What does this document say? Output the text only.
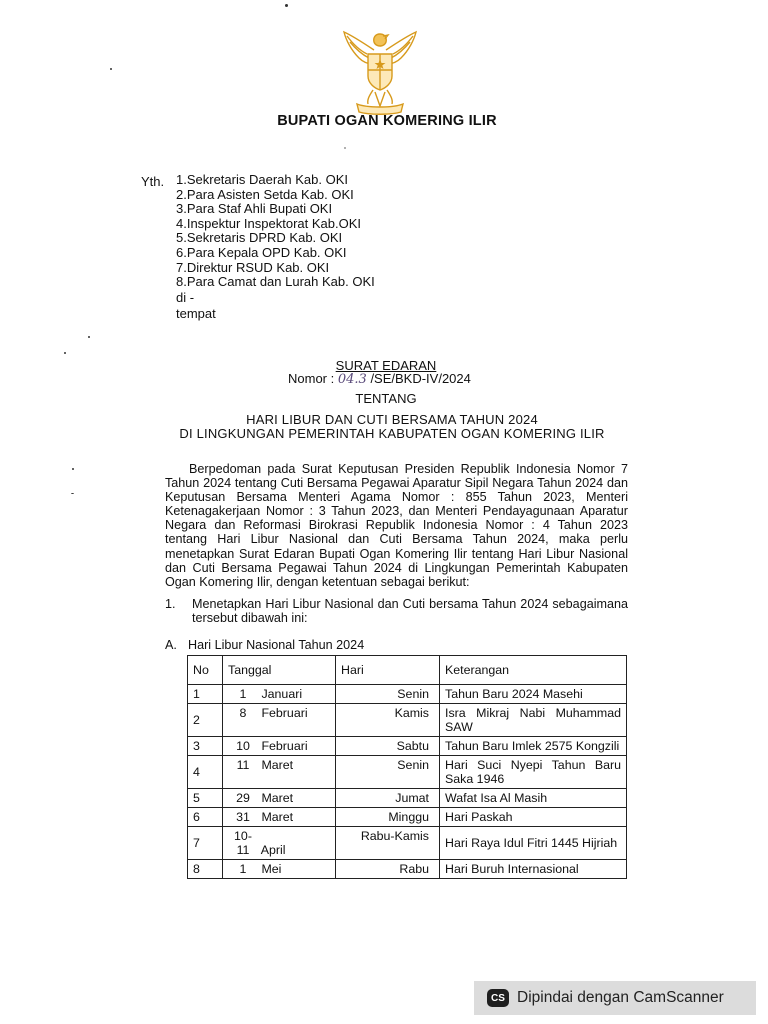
BUPATI OGAN KOMERING ILIR
Yth. 1.Sekretaris Daerah Kab. OKI
2.Para Asisten Setda Kab. OKI
3.Para Staf Ahli Bupati OKI
4.Inspektur Inspektorat Kab.OKI
5.Sekretaris DPRD Kab. OKI
6.Para Kepala OPD Kab. OKI
7.Direktur RSUD Kab. OKI
8.Para Camat dan Lurah Kab. OKI
di -
tempat
SURAT EDARAN
Nomor : 04.3 /SE/BKD-IV/2024
TENTANG
HARI LIBUR DAN CUTI BERSAMA TAHUN 2024
DI LINGKUNGAN PEMERINTAH KABUPATEN OGAN KOMERING ILIR
Berpedoman pada Surat Keputusan Presiden Republik Indonesia Nomor 7 Tahun 2024 tentang Cuti Bersama Pegawai Aparatur Sipil Negara Tahun 2024 dan Keputusan Bersama Menteri Agama Nomor : 855 Tahun 2023, Menteri Ketenagakerjaan Nomor : 3 Tahun 2023, dan Menteri Pendayagunaan Aparatur Negara dan Reformasi Birokrasi Republik Indonesia Nomor : 4 Tahun 2023 tentang Hari Libur Nasional dan Cuti Bersama Tahun 2024, maka perlu menetapkan Surat Edaran Bupati Ogan Komering Ilir tentang Hari Libur Nasional dan Cuti Bersama Pegawai Tahun 2024 di Lingkungan Pemerintah Kabupaten Ogan Komering Ilir, dengan ketentuan sebagai berikut:
1. Menetapkan Hari Libur Nasional dan Cuti bersama Tahun 2024 sebagaimana tersebut dibawah ini:
A. Hari Libur Nasional Tahun 2024
No	Tanggal	Hari	Keterangan
1	1 Januari	Senin	Tahun Baru 2024 Masehi
2	8 Februari	Kamis	Isra Mikraj Nabi Muhammad SAW
3	10 Februari	Sabtu	Tahun Baru Imlek 2575 Kongzili
4	11 Maret	Senin	Hari Suci Nyepi Tahun Baru Saka 1946
5	29 Maret	Jumat	Wafat Isa Al Masih
6	31 Maret	Minggu	Hari Paskah
7	10-11 April	Rabu-Kamis	Hari Raya Idul Fitri 1445 Hijriah
8	1 Mei	Rabu	Hari Buruh Internasional
CS Dipindai dengan CamScanner
